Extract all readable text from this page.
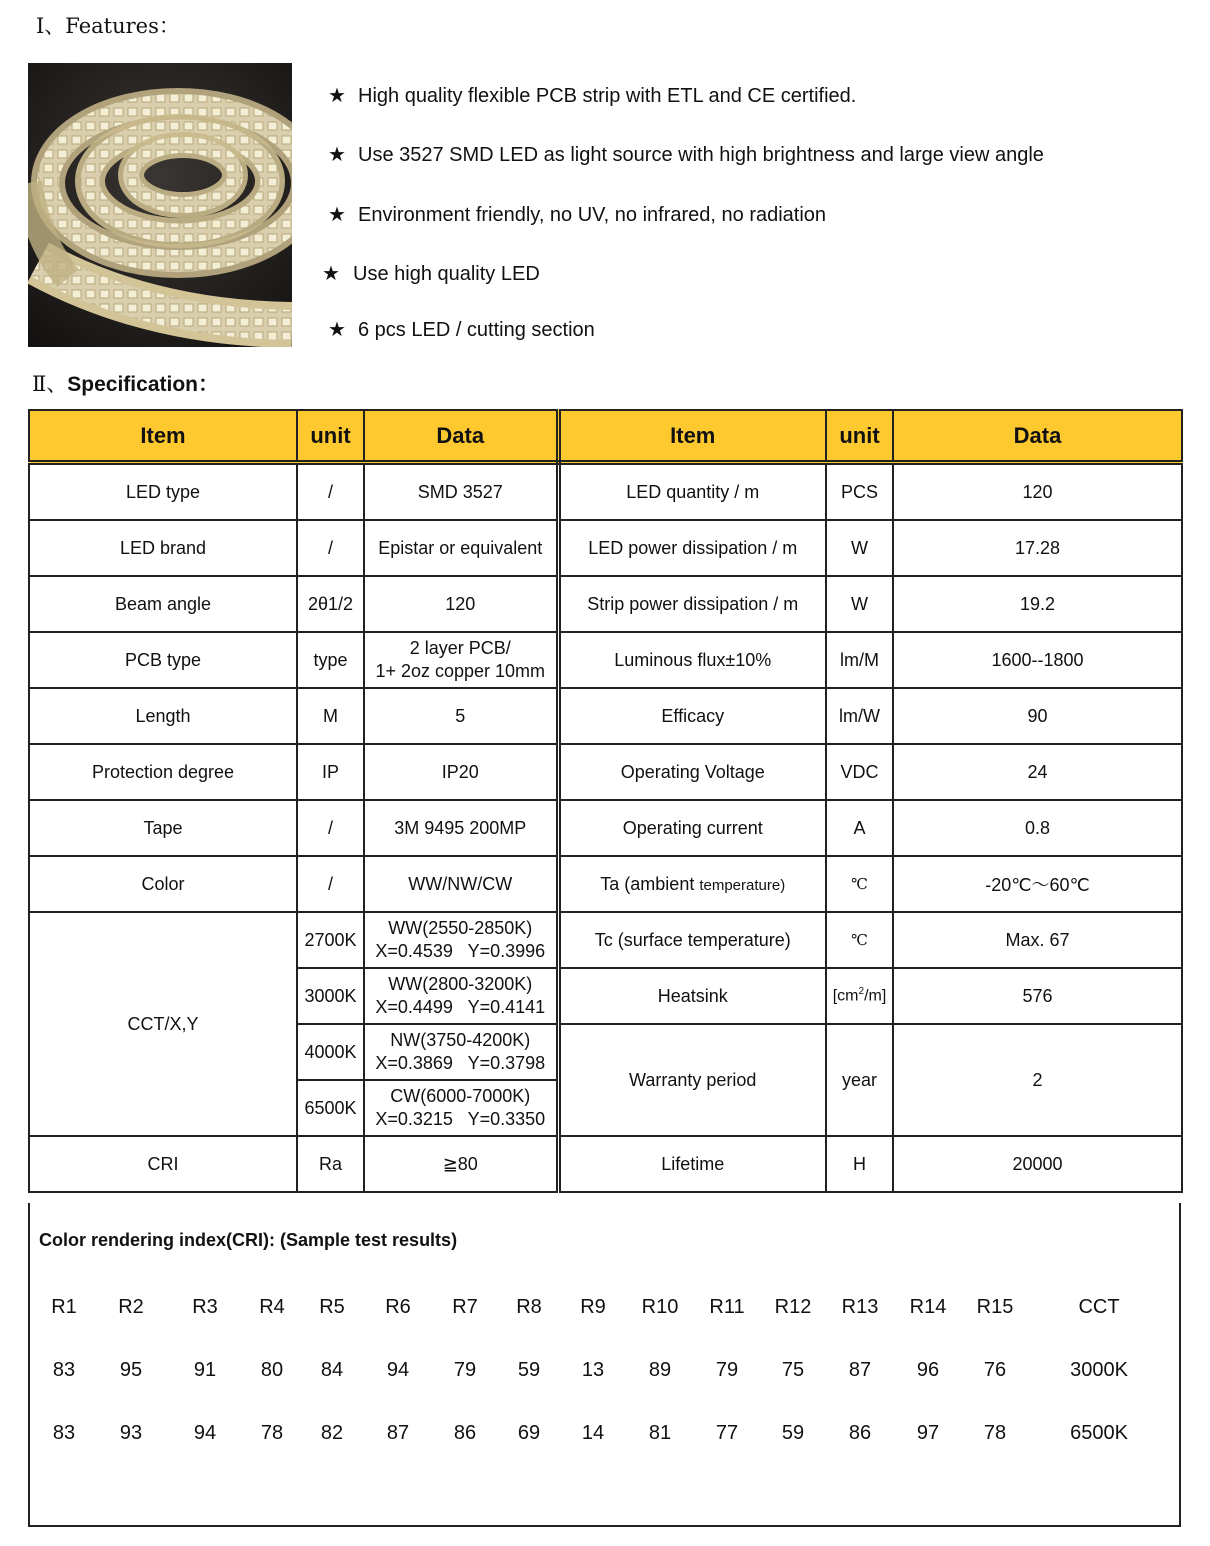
Ⅰ、Features：
★ High quality flexible PCB strip with ETL and CE certified.
★ Use 3527 SMD LED as light source with high brightness and large view angle
★ Environment friendly, no UV, no infrared, no radiation
★ Use high quality LED
★ 6 pcs LED / cutting section
Ⅱ、Specification：
Item	unit	Data	Item	unit	Data
LED type	/	SMD 3527	LED quantity / m	PCS	120
LED brand	/	Epistar or equivalent	LED power dissipation / m	W	17.28
Beam angle	2θ1/2	120	Strip power dissipation / m	W	19.2
PCB type	type	2 layer PCB/
1+ 2oz copper 10mm	Luminous flux±10%	lm/M	1600--1800
Length	M	5	Efficacy	lm/W	90
Protection degree	IP	IP20	Operating Voltage	VDC	24
Tape	/	3M 9495 200MP	Operating current	A	0.8
Color	/	WW/NW/CW	Ta (ambient temperature)	℃	-20℃～60℃
CCT/X,Y	2700K	WW(2550-2850K)
X=0.4539   Y=0.3996	Tc (surface temperature)	℃	Max. 67
	3000K	WW(2800-3200K)
X=0.4499   Y=0.4141	Heatsink	$[cm^2/m]$	576
	4000K	NW(3750-4200K)
X=0.3869   Y=0.3798	Warranty period	year	2
	6500K	CW(6000-7000K)
X=0.3215   Y=0.3350			

CRI	Ra	≧80	Lifetime	H	20000
Color rendering index(CRI): (Sample test results)
R1	R2	R3	R4	R5	R6	R7	R8	R9	R10	R11	R12	R13	R14	R15	CCT
83	95	91	80	84	94	79	59	13	89	79	75	87	96	76	3000K
83	93	94	78	82	87	86	69	14	81	77	59	86	97	78	6500K
